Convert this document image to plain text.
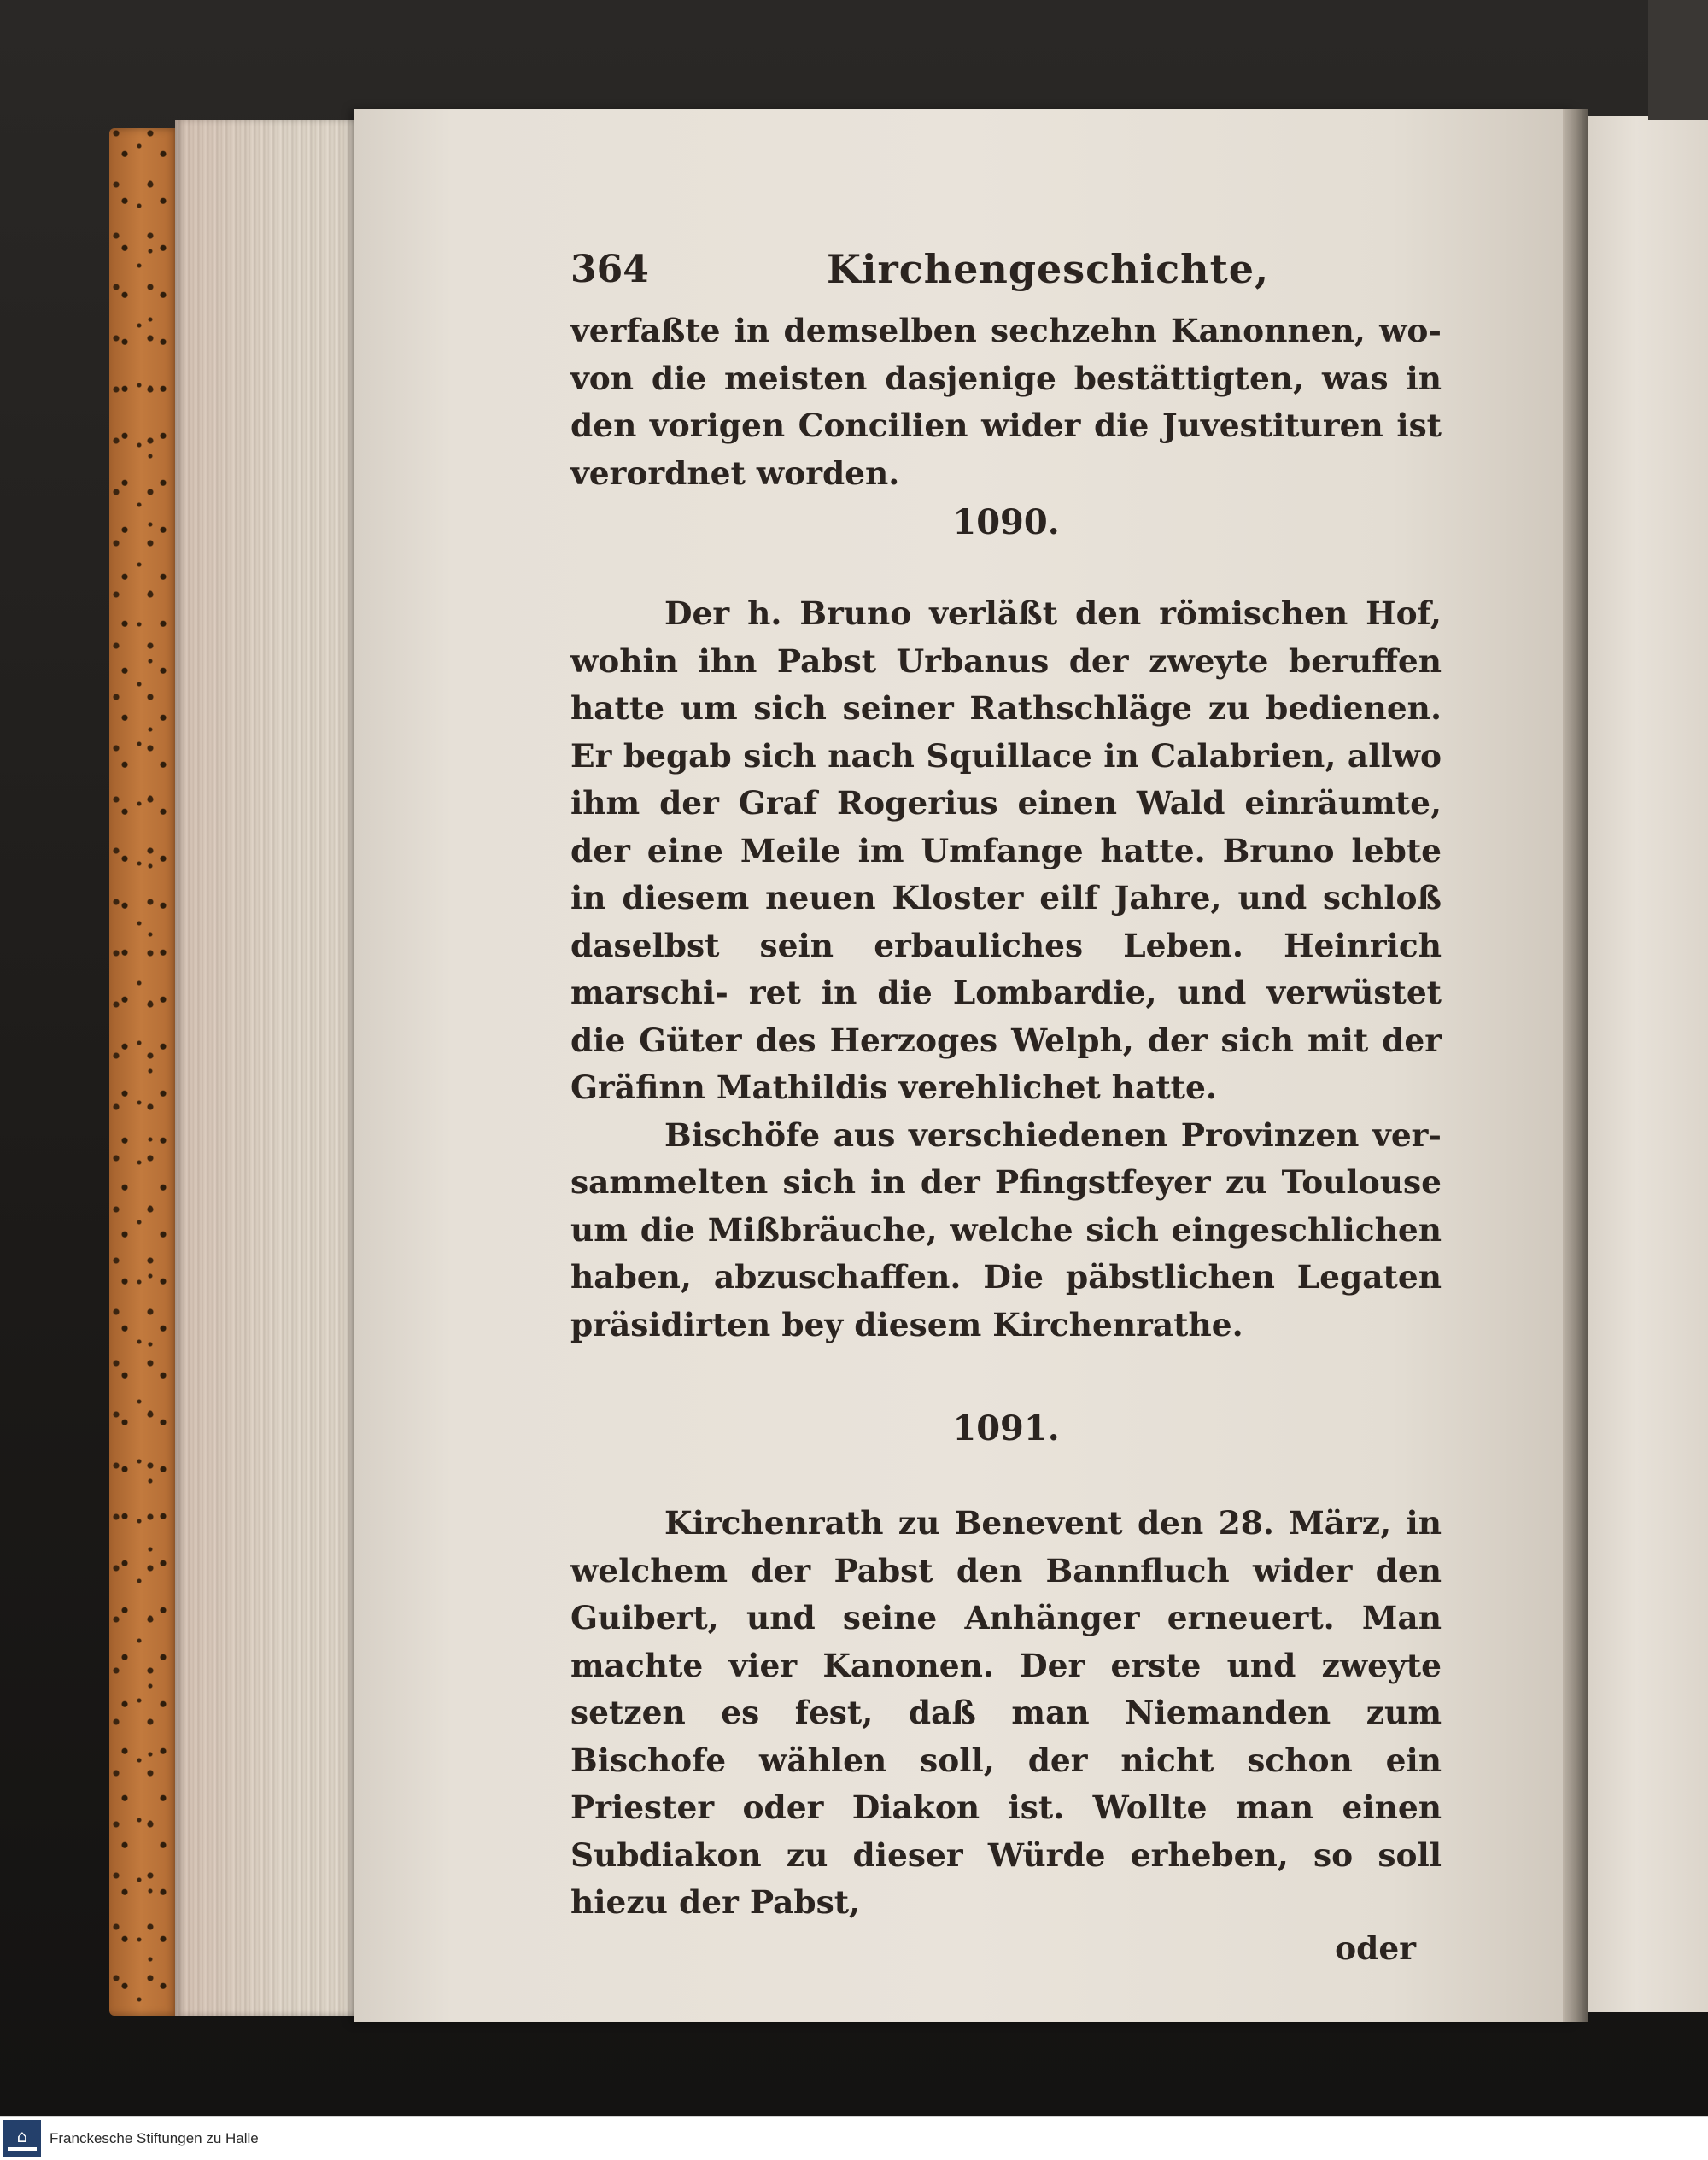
364	Kirchengeschichte,

verfaßte in demselben sechzehn Kanonnen, wo- von die meisten dasjenige bestättigten, was in den vorigen Concilien wider die Juvestituren ist verordnet worden.

1090.

Der h. Bruno verläßt den römischen Hof, wohin ihn Pabst Urbanus der zweyte beruffen hatte um sich seiner Rathschläge zu bedienen. Er begab sich nach Squillace in Calabrien, allwo ihm der Graf Rogerius einen Wald einräumte, der eine Meile im Umfange hatte. Bruno lebte in diesem neuen Kloster eilf Jahre, und schloß daselbst sein erbauliches Leben. Heinrich marschi- ret in die Lombardie, und verwüstet die Güter des Herzoges Welph, der sich mit der Gräfinn Mathildis verehlichet hatte.

Bischöfe aus verschiedenen Provinzen ver- sammelten sich in der Pfingstfeyer zu Toulouse um die Mißbräuche, welche sich eingeschlichen haben, abzuschaffen. Die päbstlichen Legaten präsidirten bey diesem Kirchenrathe.

1091.

Kirchenrath zu Benevent den 28. März, in welchem der Pabst den Bannfluch wider den Guibert, und seine Anhänger erneuert. Man machte vier Kanonen. Der erste und zweyte setzen es fest, daß man Niemanden zum Bischofe wählen soll, der nicht schon ein Priester oder Diakon ist. Wollte man einen Subdiakon zu dieser Würde erheben, so soll hiezu der Pabst,

oder
⌂ Franckesche Stiftungen zu Halle
